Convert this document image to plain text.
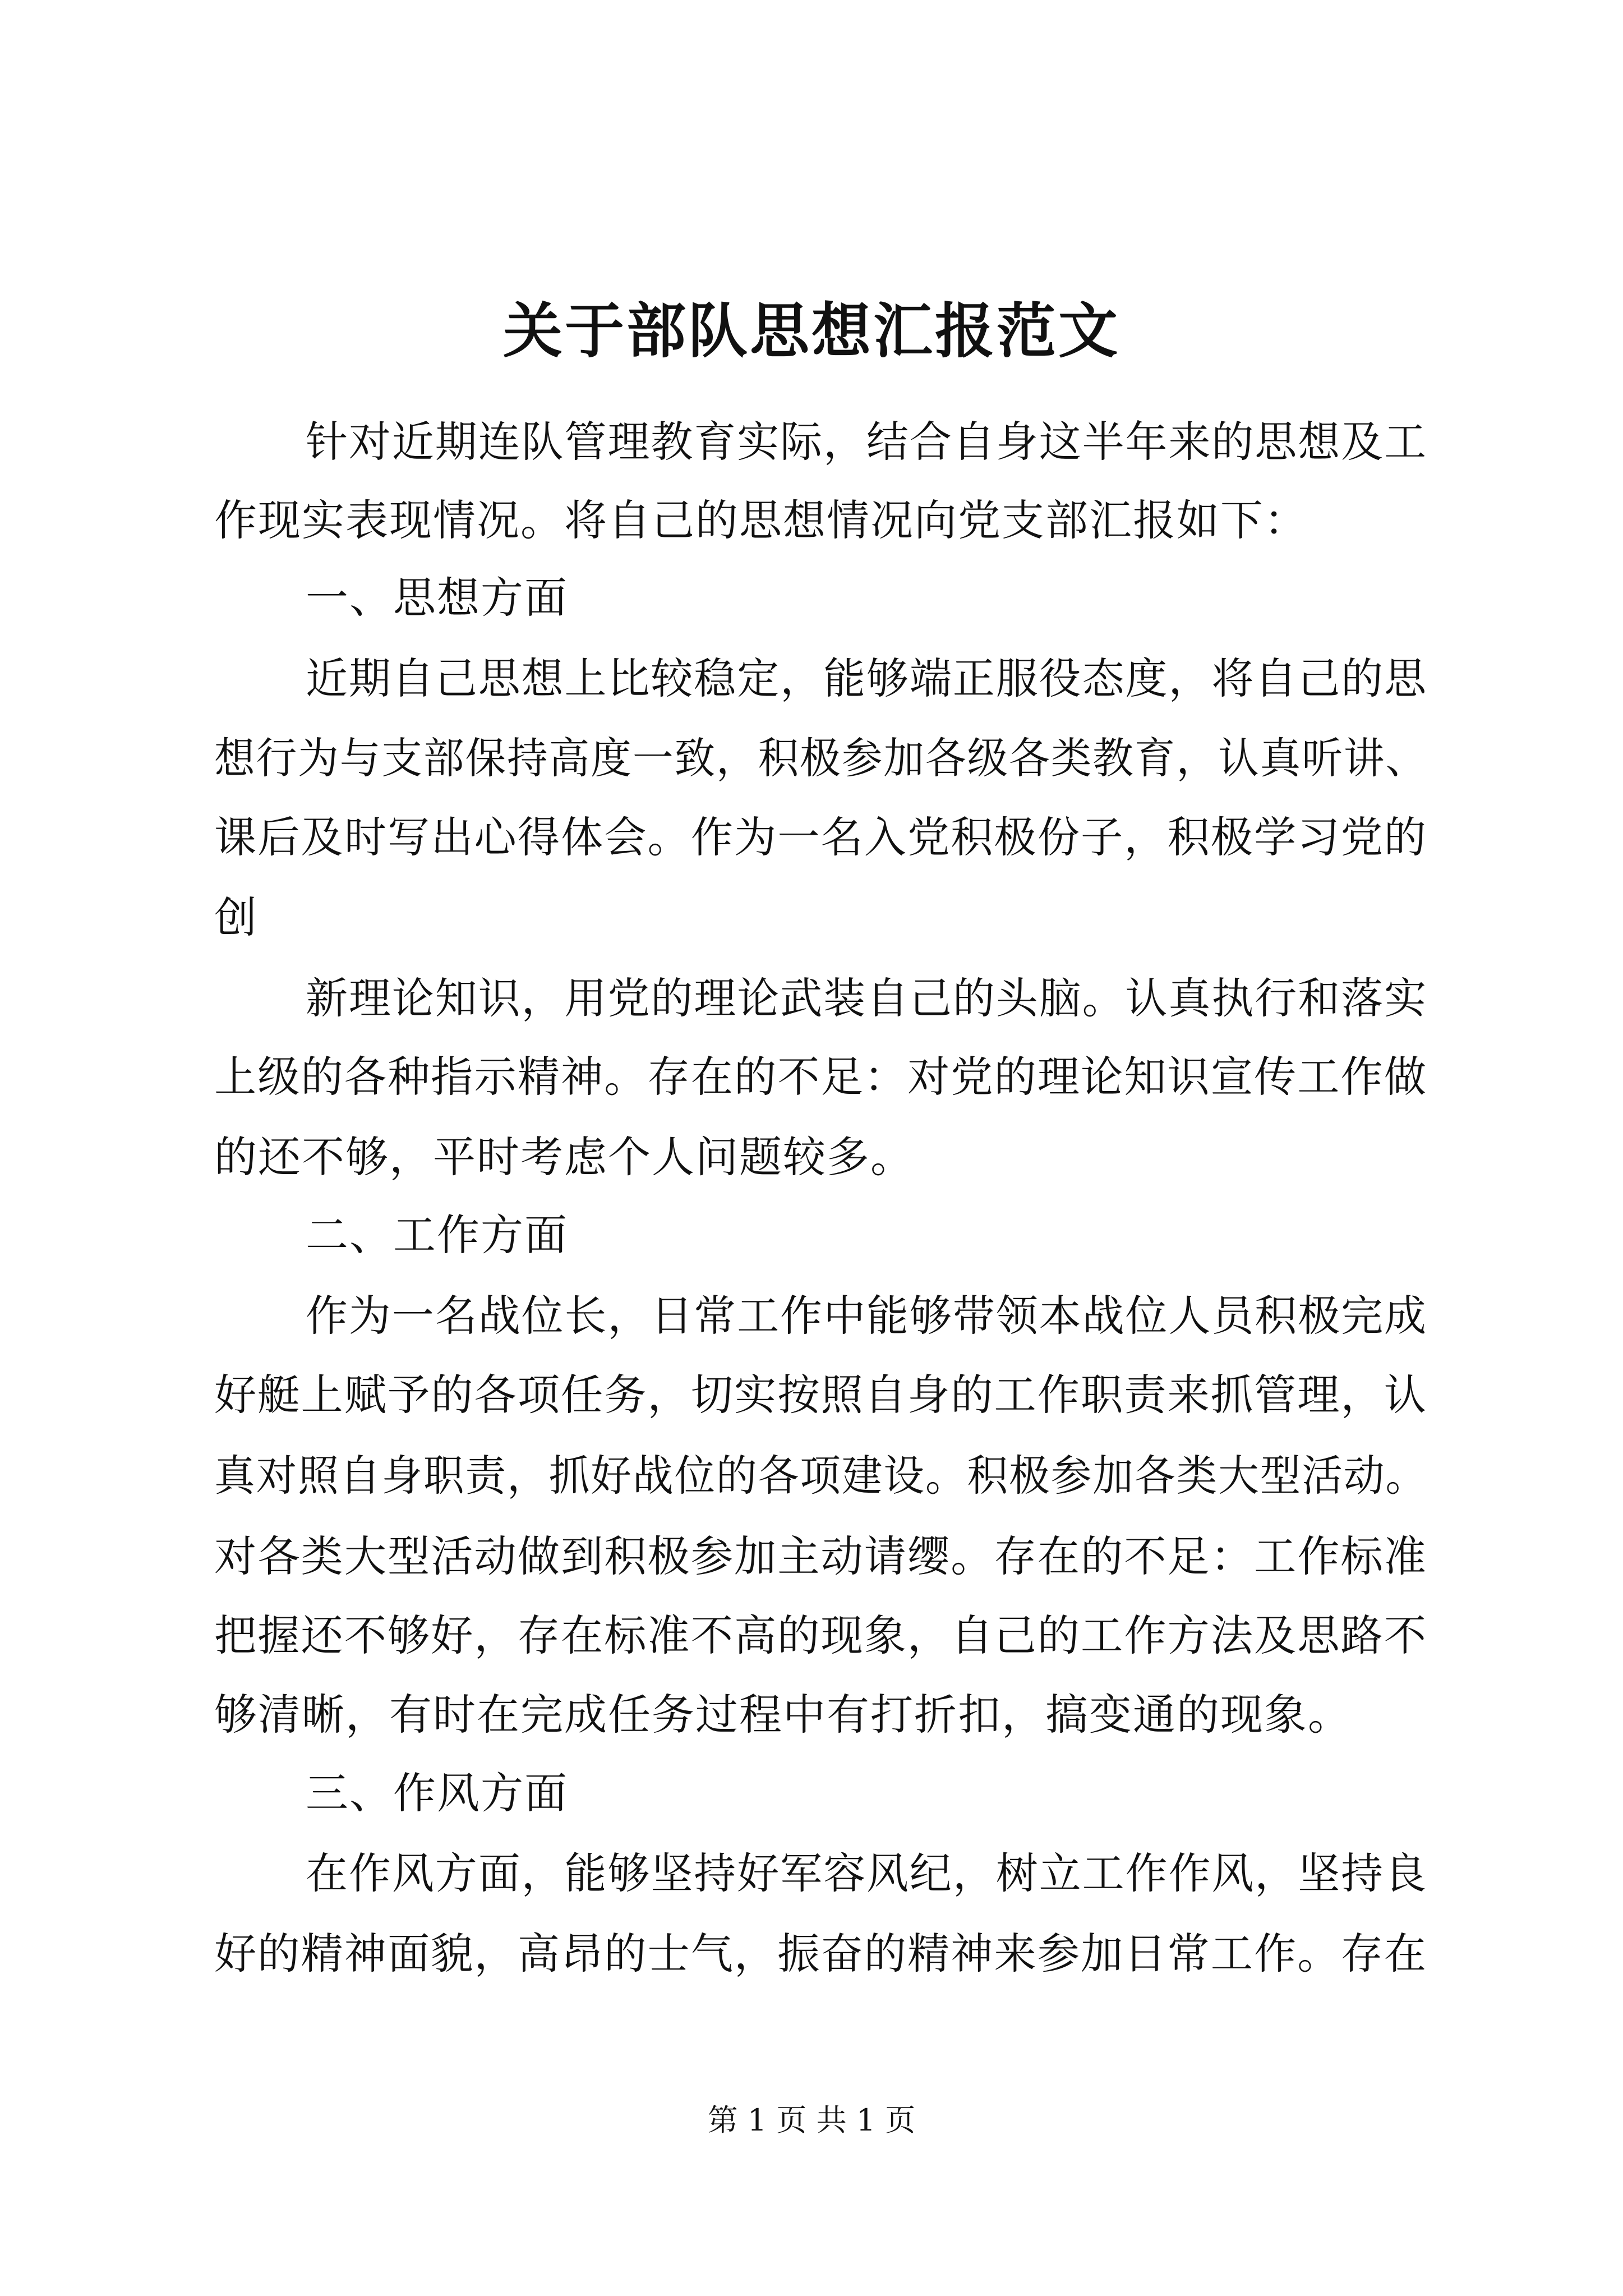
关于部队思想汇报范文
针对近期连队管理教育实际，结合自身这半年来的思想及工
作现实表现情况。将自己的思想情况向党支部汇报如下：
一、思想方面
近期自己思想上比较稳定，能够端正服役态度，将自己的思
想行为与支部保持高度一致，积极参加各级各类教育，认真听讲、
课后及时写出心得体会。作为一名入党积极份子，积极学习党的
创
新理论知识，用党的理论武装自己的头脑。认真执行和落实
上级的各种指示精神。存在的不足：对党的理论知识宣传工作做
的还不够，平时考虑个人问题较多。
二、工作方面
作为一名战位长，日常工作中能够带领本战位人员积极完成
好艇上赋予的各项任务，切实按照自身的工作职责来抓管理，认
真对照自身职责，抓好战位的各项建设。积极参加各类大型活动。
对各类大型活动做到积极参加主动请缨。存在的不足：工作标准
把握还不够好，存在标准不高的现象，自己的工作方法及思路不
够清晰，有时在完成任务过程中有打折扣，搞变通的现象。
三、作风方面
在作风方面，能够坚持好军容风纪，树立工作作风，坚持良
好的精神面貌，高昂的士气，振奋的精神来参加日常工作。存在
第 1 页 共 1 页
